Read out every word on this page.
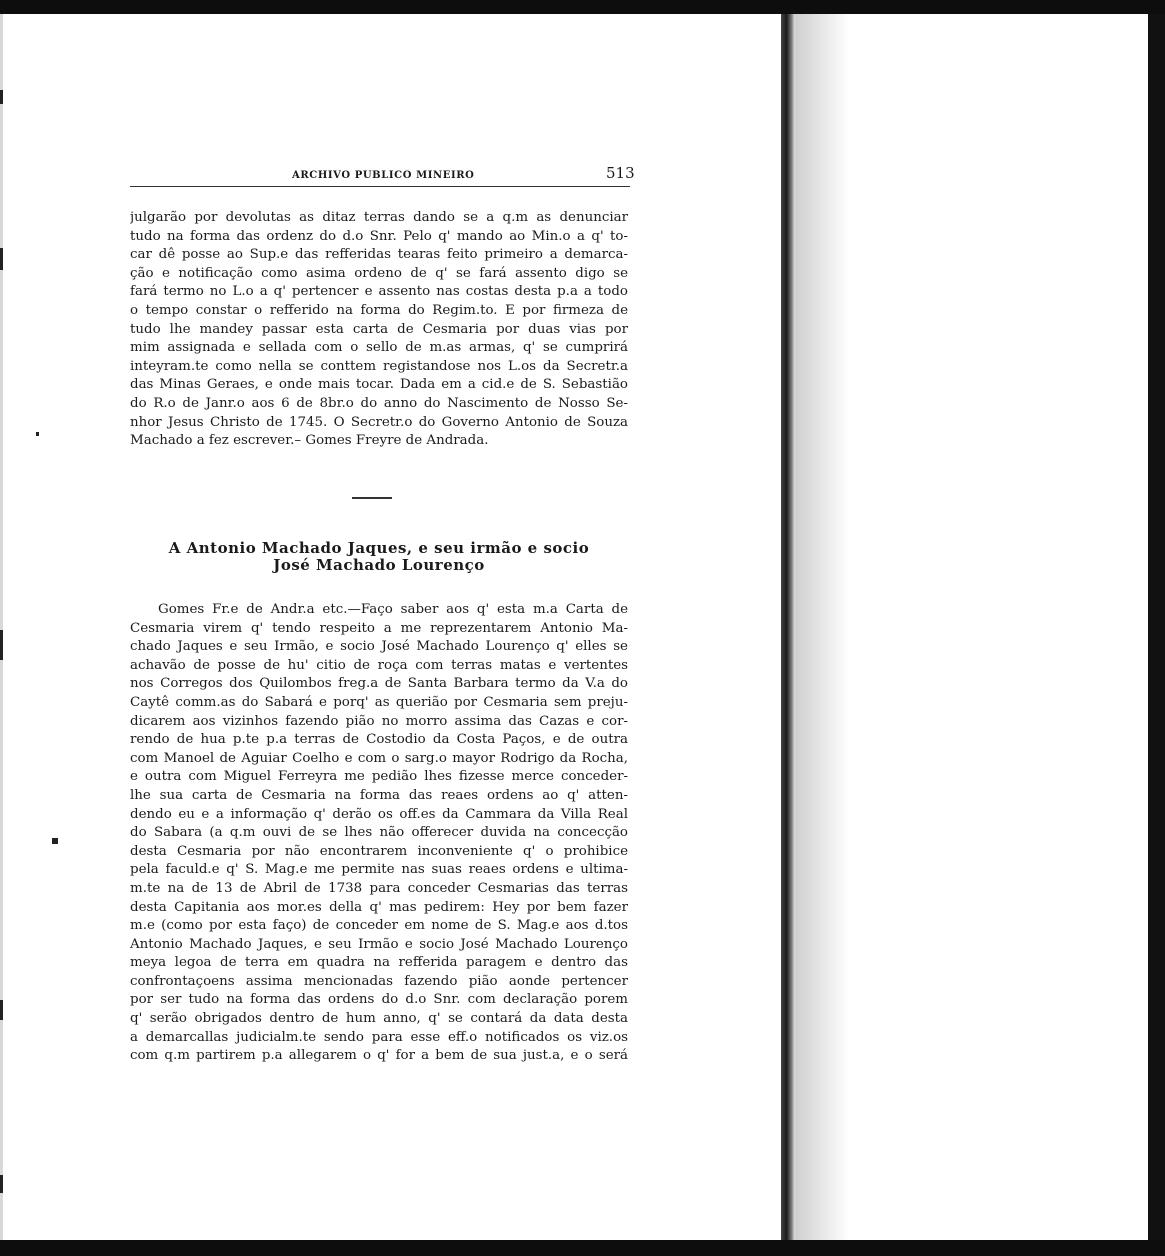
ARCHIVO PUBLICO MINEIRO	513
julgarão por devolutas as ditaz terras dando se a q.m as denunciar
tudo na forma das ordenz do d.o Snr. Pelo q' mando ao Min.o a q' to-
car dê posse ao Sup.e das refferidas tearas feito primeiro a demarca-
ção e notificação como asima ordeno de q' se fará assento digo se
fará termo no L.o a q' pertencer e assento nas costas desta p.a a todo
o tempo constar o refferido na forma do Regim.to. E por firmeza de
tudo lhe mandey passar esta carta de Cesmaria por duas vias por
mim assignada e sellada com o sello de m.as armas, q' se cumprirá
inteyram.te como nella se conttem registandose nos L.os da Secretr.a
das Minas Geraes, e onde mais tocar. Dada em a cid.e de S. Sebastião
do R.o de Janr.o aos 6 de 8br.o do anno do Nascimento de Nosso Se-
nhor Jesus Christo de 1745. O Secretr.o do Governo Antonio de Souza
Machado a fez escrever.– Gomes Freyre de Andrada.
A Antonio Machado Jaques, e seu irmão e socio
José Machado Lourenço
Gomes Fr.e de Andr.a etc.—Faço saber aos q' esta m.a Carta de
Cesmaria virem q' tendo respeito a me reprezentarem Antonio Ma-
chado Jaques e seu Irmão, e socio José Machado Lourenço q' elles se
achavão de posse de hu' citio de roça com terras matas e vertentes
nos Corregos dos Quilombos freg.a de Santa Barbara termo da V.a do
Caytê comm.as do Sabará e porq' as querião por Cesmaria sem preju-
dicarem aos vizinhos fazendo pião no morro assima das Cazas e cor-
rendo de hua p.te p.a terras de Costodio da Costa Paços, e de outra
com Manoel de Aguiar Coelho e com o sarg.o mayor Rodrigo da Rocha,
e outra com Miguel Ferreyra me pedião lhes fizesse merce conceder-
lhe sua carta de Cesmaria na forma das reaes ordens ao q' atten-
dendo eu e a informação q' derão os off.es da Cammara da Villa Real
do Sabara (a q.m ouvi de se lhes não offerecer duvida na concecção
desta Cesmaria por não encontrarem inconveniente q' o prohibice
pela faculd.e q' S. Mag.e me permite nas suas reaes ordens e ultima-
m.te na de 13 de Abril de 1738 para conceder Cesmarias das terras
desta Capitania aos mor.es della q' mas pedirem: Hey por bem fazer
m.e (como por esta faço) de conceder em nome de S. Mag.e aos d.tos
Antonio Machado Jaques, e seu Irmão e socio José Machado Lourenço
meya legoa de terra em quadra na refferida paragem e dentro das
confrontaçoens assima mencionadas fazendo pião aonde pertencer
por ser tudo na forma das ordens do d.o Snr. com declaração porem
q' serão obrigados dentro de hum anno, q' se contará da data desta
a demarcallas judicialm.te sendo para esse eff.o notificados os viz.os
com q.m partirem p.a allegarem o q' for a bem de sua just.a, e o será
